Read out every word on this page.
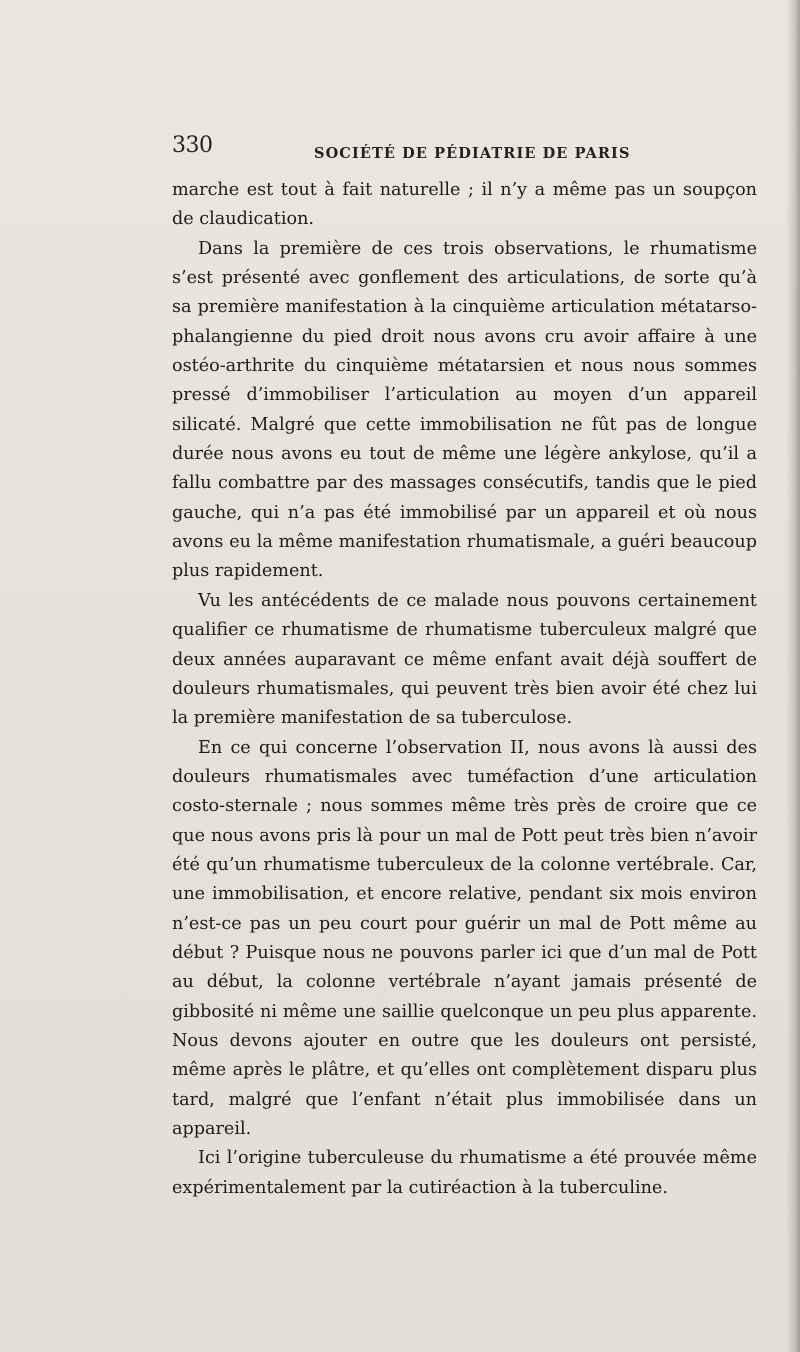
330	SOCIÉTÉ DE PÉDIATRIE DE PARIS

marche est tout à fait naturelle ; il n’y a même pas un soupçon de claudication.

Dans la première de ces trois observations, le rhumatisme s’est présenté avec gonflement des articulations, de sorte qu’à sa première manifestation à la cinquième articulation métatarso-phalangienne du pied droit nous avons cru avoir affaire à une ostéo-arthrite du cinquième métatarsien et nous nous sommes pressé d’immobiliser l’articulation au moyen d’un appareil silicaté. Malgré que cette immobilisation ne fût pas de longue durée nous avons eu tout de même une légère ankylose, qu’il a fallu combattre par des massages consécutifs, tandis que le pied gauche, qui n’a pas été immobilisé par un appareil et où nous avons eu la même manifestation rhumatismale, a guéri beaucoup plus rapidement.

Vu les antécédents de ce malade nous pouvons certainement qualifier ce rhumatisme de rhumatisme tuberculeux malgré que deux années auparavant ce même enfant avait déjà souffert de douleurs rhumatismales, qui peuvent très bien avoir été chez lui la première manifestation de sa tuberculose.

En ce qui concerne l’observation II, nous avons là aussi des douleurs rhumatismales avec tuméfaction d’une articulation costo-sternale ; nous sommes même très près de croire que ce que nous avons pris là pour un mal de Pott peut très bien n’avoir été qu’un rhumatisme tuberculeux de la colonne vertébrale. Car, une immobilisation, et encore relative, pendant six mois environ n’est-ce pas un peu court pour guérir un mal de Pott même au début ? Puisque nous ne pouvons parler ici que d’un mal de Pott au début, la colonne vertébrale n’ayant jamais présenté de gibbosité ni même une saillie quelconque un peu plus apparente. Nous devons ajouter en outre que les douleurs ont persisté, même après le plâtre, et qu’elles ont complètement disparu plus tard, malgré que l’enfant n’était plus immobilisée dans un appareil.

Ici l’origine tuberculeuse du rhumatisme a été prouvée même expérimentalement par la cutiréaction à la tuberculine.
